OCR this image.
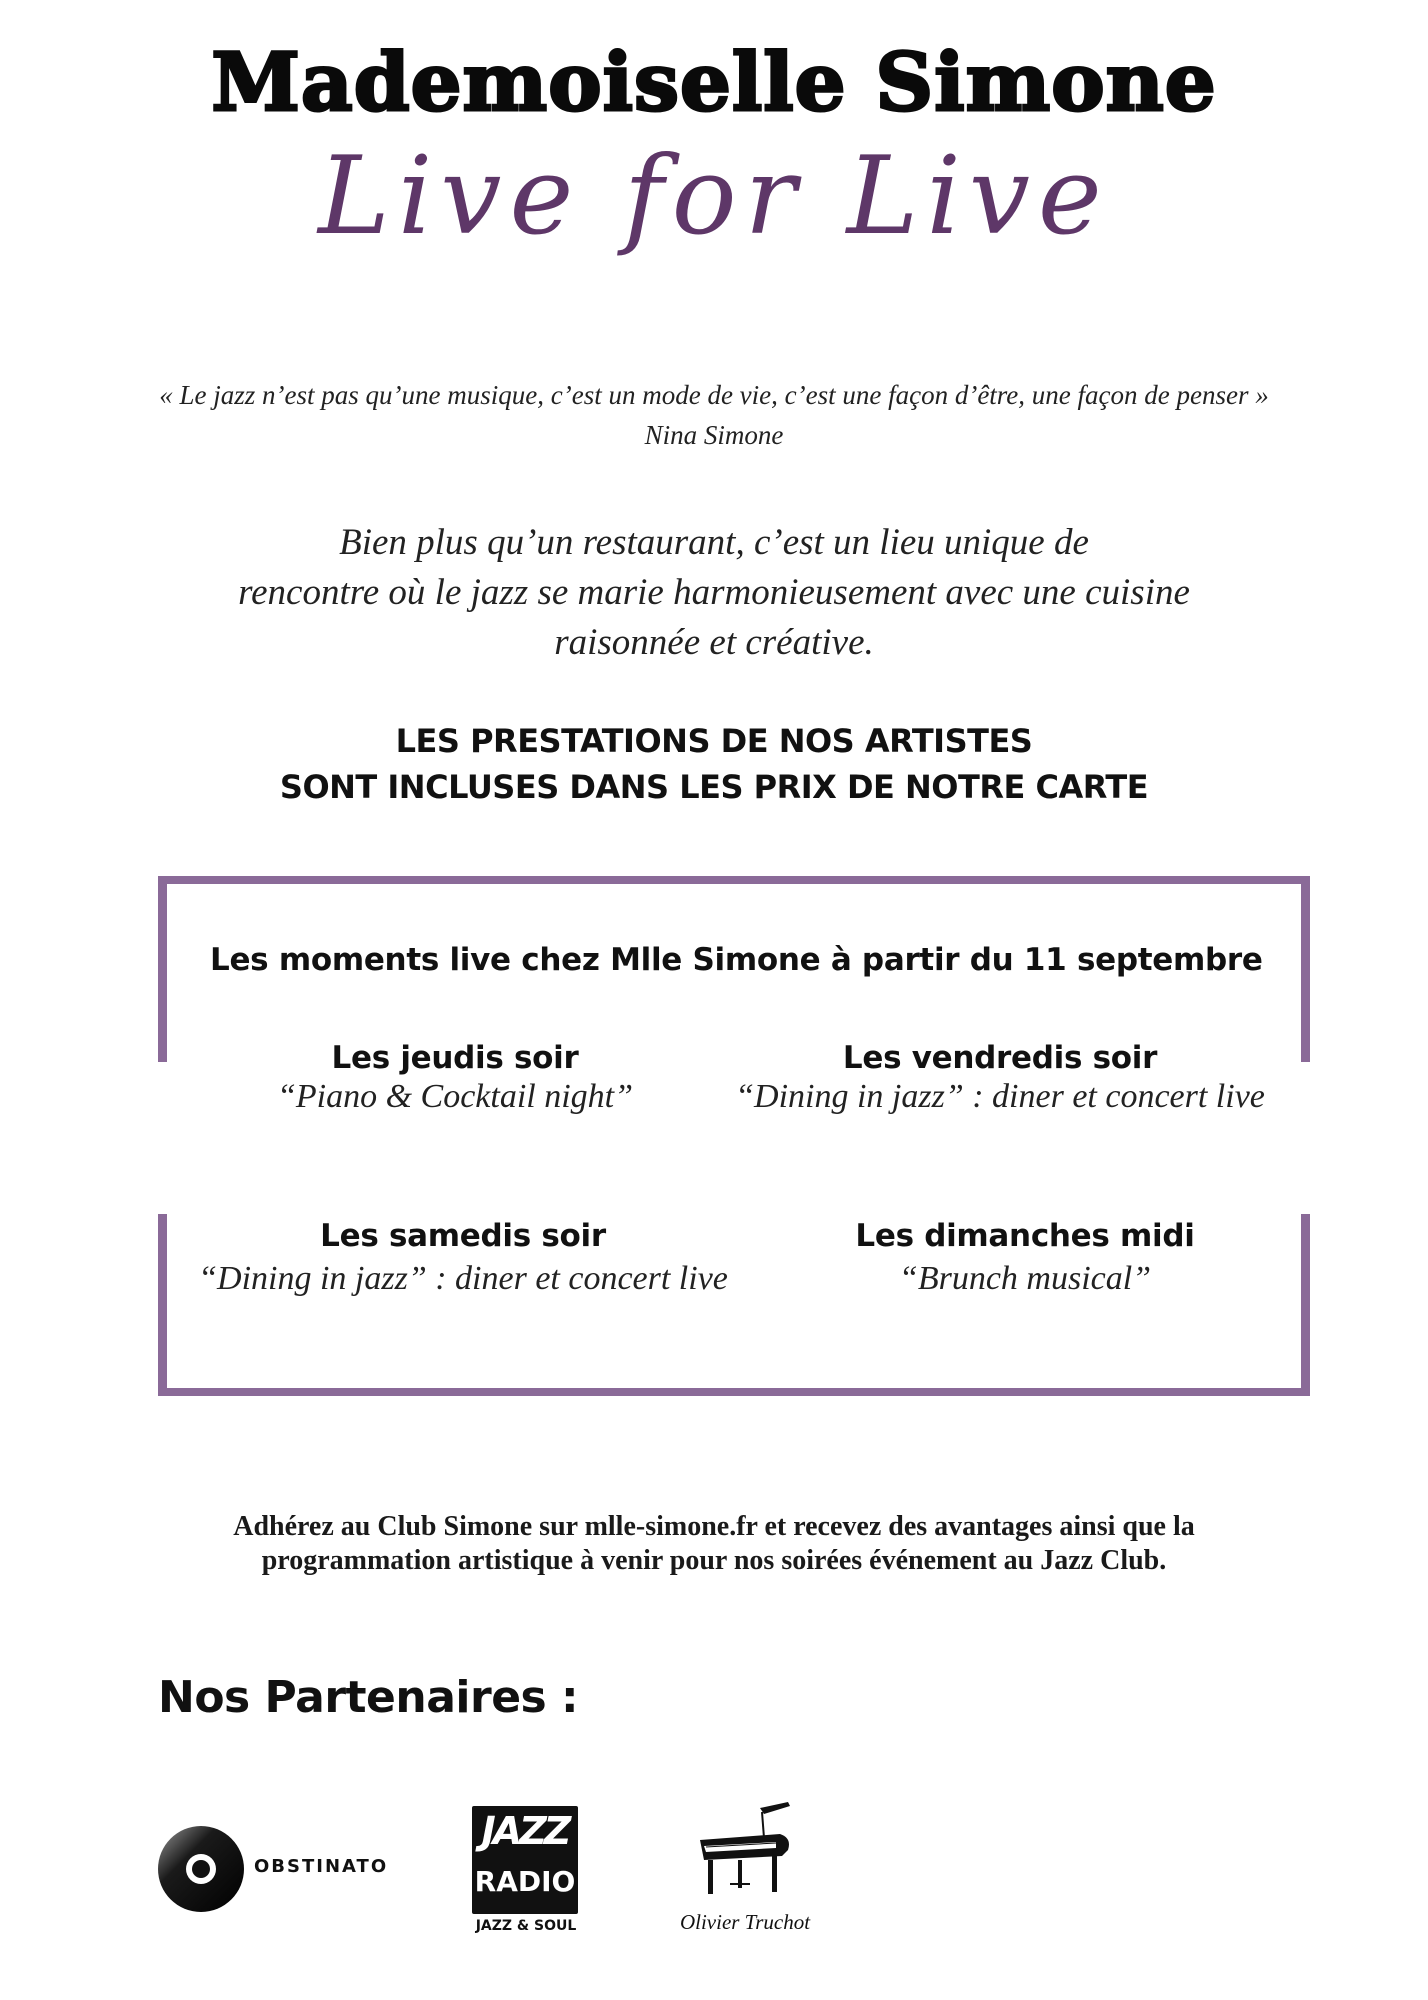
Mademoiselle Simone
Live for Live
« Le jazz n’est pas qu’une musique, c’est un mode de vie, c’est une façon d’être, une façon de penser »
Nina Simone
Bien plus qu’un restaurant, c’est un lieu unique de
rencontre où le jazz se marie harmonieusement avec une cuisine
raisonnée et créative.
LES PRESTATIONS DE NOS ARTISTES
SONT INCLUSES DANS LES PRIX DE NOTRE CARTE
Les moments live chez Mlle Simone à partir du 11 septembre
Les jeudis soir
“Piano & Cocktail night”
Les vendredis soir
“Dining in jazz” : diner et concert live
Les samedis soir
“Dining in jazz” : diner et concert live
Les dimanches midi
“Brunch musical”
Adhérez au Club Simone sur mlle-simone.fr et recevez des avantages ainsi que la
programmation artistique à venir pour nos soirées événement au Jazz Club.
Nos Partenaires :
OBSTINATO
JAZZ
RADIO
JAZZ & SOUL	Olivier Truchot
